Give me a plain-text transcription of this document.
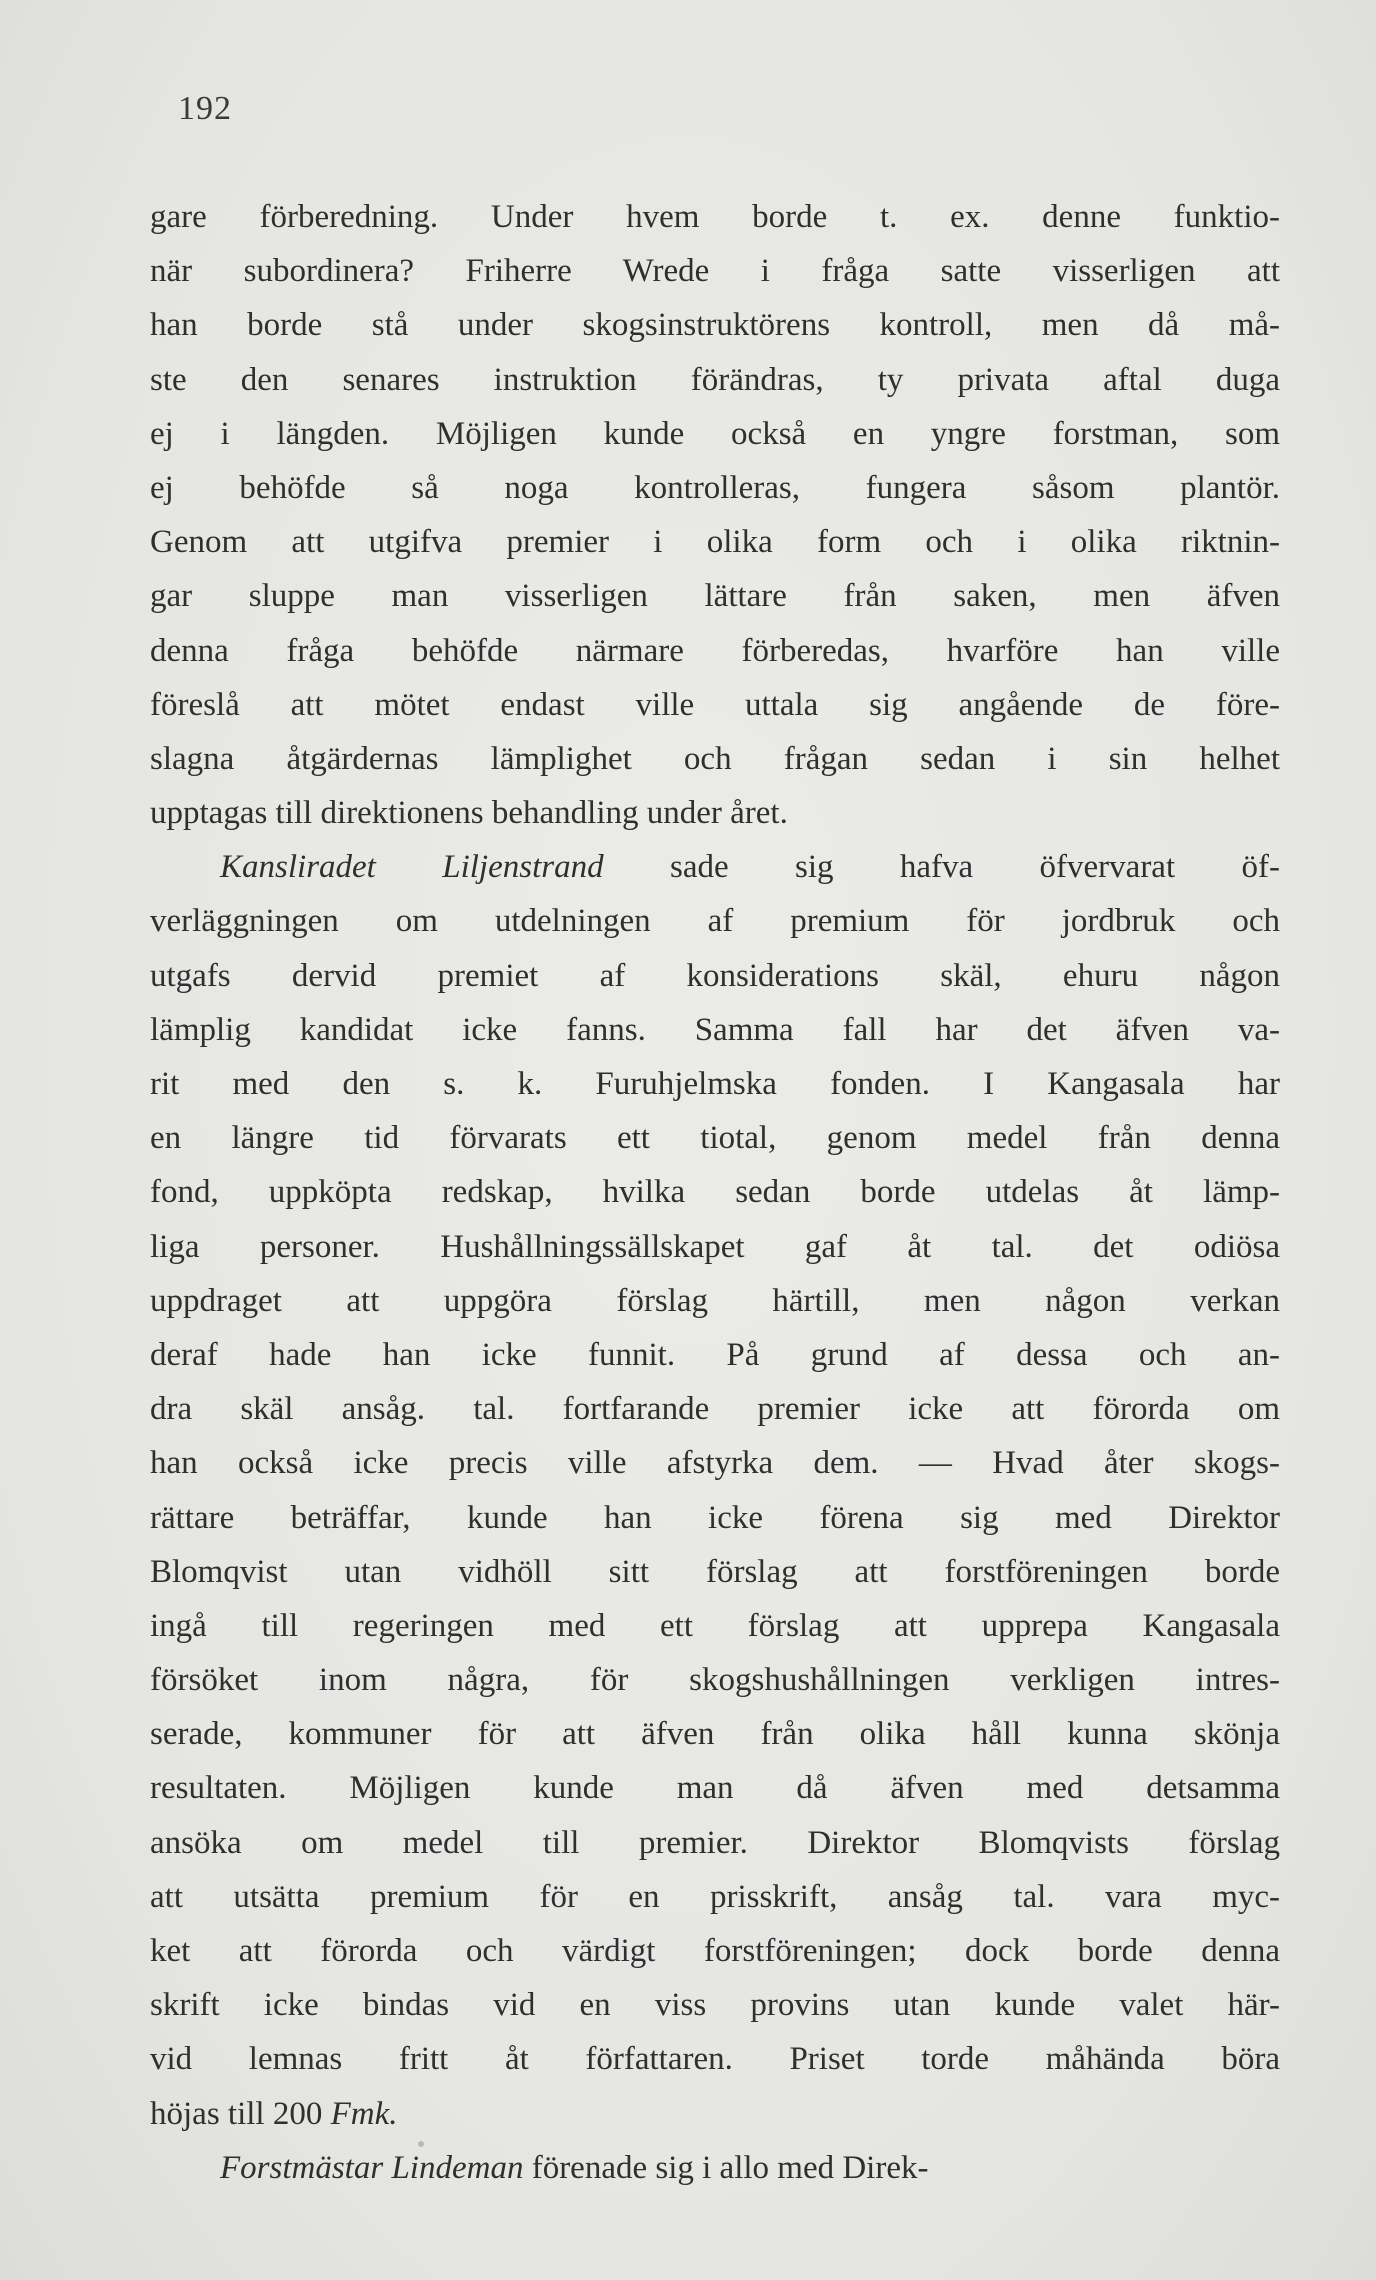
192
gare förberedning. Under hvem borde t. ex. denne funktio-
när subordinera? Friherre Wrede i fråga satte visserligen att
han borde stå under skogsinstruktörens kontroll, men då må-
ste den senares instruktion förändras, ty privata aftal duga
ej i längden. Möjligen kunde också en yngre forstman, som
ej behöfde så noga kontrolleras, fungera såsom plantör.
Genom att utgifva premier i olika form och i olika riktnin-
gar sluppe man visserligen lättare från saken, men äfven
denna fråga behöfde närmare förberedas, hvarföre han ville
föreslå att mötet endast ville uttala sig angående de före-
slagna åtgärdernas lämplighet och frågan sedan i sin helhet
upptagas till direktionens behandling under året.
Kansliradet Liljenstrand sade sig hafva öfvervarat öf-
verläggningen om utdelningen af premium för jordbruk och
utgafs dervid premiet af konsiderations skäl, ehuru någon
lämplig kandidat icke fanns. Samma fall har det äfven va-
rit med den s. k. Furuhjelmska fonden. I Kangasala har
en längre tid förvarats ett tiotal, genom medel från denna
fond, uppköpta redskap, hvilka sedan borde utdelas åt lämp-
liga personer. Hushållningssällskapet gaf åt tal. det odiösa
uppdraget att uppgöra förslag härtill, men någon verkan
deraf hade han icke funnit. På grund af dessa och an-
dra skäl ansåg. tal. fortfarande premier icke att förorda om
han också icke precis ville afstyrka dem. — Hvad åter skogs-
rättare beträffar, kunde han icke förena sig med Direktor
Blomqvist utan vidhöll sitt förslag att forstföreningen borde
ingå till regeringen med ett förslag att upprepa Kangasala
försöket inom några, för skogshushållningen verkligen intres-
serade, kommuner för att äfven från olika håll kunna skönja
resultaten. Möjligen kunde man då äfven med detsamma
ansöka om medel till premier. Direktor Blomqvists förslag
att utsätta premium för en prisskrift, ansåg tal. vara myc-
ket att förorda och värdigt forstföreningen; dock borde denna
skrift icke bindas vid en viss provins utan kunde valet här-
vid lemnas fritt åt författaren. Priset torde måhända böra
höjas till 200 Fmk.
Forstmästar Lindeman förenade sig i allo med Direk-
